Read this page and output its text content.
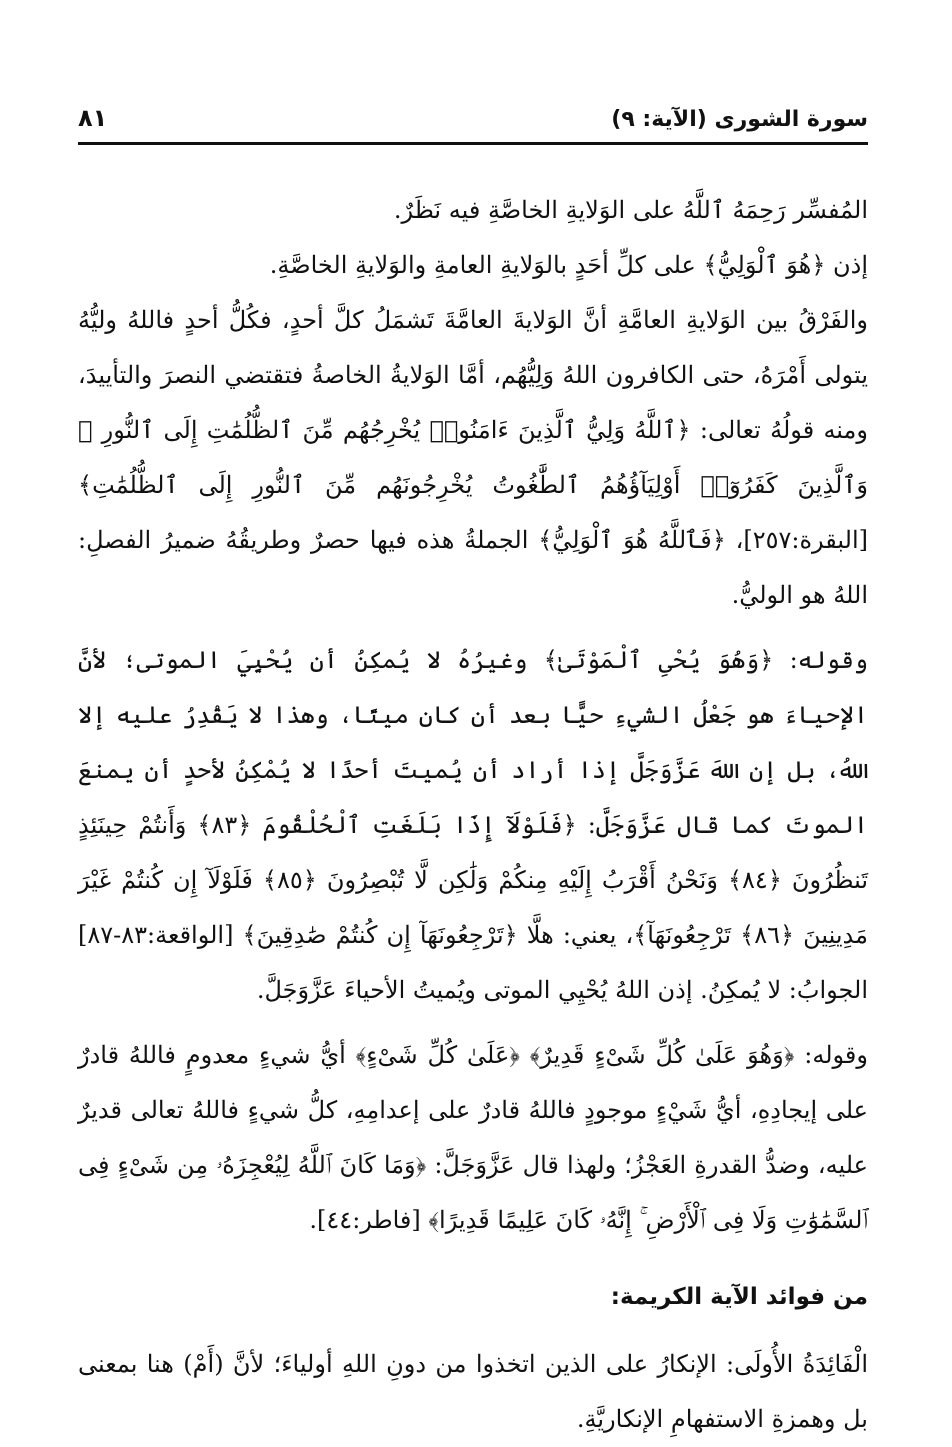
سورة الشورى (الآية: ٩)
٨١

المُفسِّر رَحِمَهُ ٱللَّهُ على الوَلايةِ الخاصَّةِ فيه نَظَرٌ.

إذن ﴿هُوَ ٱلْوَلِيُّ﴾ على كلِّ أحَدٍ بالوَلايةِ العامةِ والوَلايةِ الخاصَّةِ.

والفَرْقُ بين الوَلايةِ العامَّةِ أنَّ الوَلايةَ العامَّةَ تَشمَلُ كلَّ أحدٍ، فكُلُّ أحدٍ فاللهُ وليُّهُ يتولى أَمْرَهُ، حتى الكافرون اللهُ وَلِيُّهُم، أمَّا الوَلايةُ الخاصةُ فتقتضي النصرَ والتأييدَ، ومنه قولُهُ تعالى: ﴿ٱللَّهُ وَلِيُّ ٱلَّذِينَ ءَامَنُوا۟ يُخْرِجُهُم مِّنَ ٱلظُّلُمَٰتِ إِلَى ٱلنُّورِ ۖ وَٱلَّذِينَ كَفَرُوٓا۟ أَوْلِيَآؤُهُمُ ٱلطَّٰغُوتُ يُخْرِجُونَهُم مِّنَ ٱلنُّورِ إِلَى ٱلظُّلُمَٰتِ﴾ [البقرة:٢٥٧]، ﴿فَٱللَّهُ هُوَ ٱلْوَلِيُّ﴾ الجملةُ هذه فيها حصرٌ وطريقُهُ ضميرُ الفصلِ: اللهُ هو الوليُّ.

وقوله: ﴿وَهُوَ يُحْىِ ٱلْمَوْتَىٰ﴾ وغيرُهُ لا يُمكِنُ أن يُحْيِيَ الموتى؛ لأنَّ الإحياءَ هو جَعْلُ الشيءِ حيًّا بعد أن كان ميتًا، وهذا لا يَقْدِرُ عليه إلا اللهُ، بل إن اللهَ عَزَّوَجَلَّ إذا أراد أن يُميتَ أحدًا لا يُمْكِنُ لأحدٍ أن يمنعَ الموتَ كما قال عَزَّوَجَلَّ: ﴿فَلَوْلَآ إِذَا بَلَغَتِ ٱلْحُلْقُومَ ﴿٨٣﴾ وَأَنتُمْ حِينَئِذٍ تَنظُرُونَ ﴿٨٤﴾ وَنَحْنُ أَقْرَبُ إِلَيْهِ مِنكُمْ وَلَٰكِن لَّا تُبْصِرُونَ ﴿٨٥﴾ فَلَوْلَآ إِن كُنتُمْ غَيْرَ مَدِينِينَ ﴿٨٦﴾ تَرْجِعُونَهَآ﴾، يعني: هلَّا ﴿تَرْجِعُونَهَآ إِن كُنتُمْ صَٰدِقِينَ﴾ [الواقعة:٨٣-٨٧] الجوابُ: لا يُمكِنُ. إذن اللهُ يُحْيِي الموتى ويُميتُ الأحياءَ عَزَّوَجَلَّ.

وقوله: ﴿وَهُوَ عَلَىٰ كُلِّ شَىْءٍ قَدِيرٌ﴾ ﴿عَلَىٰ كُلِّ شَىْءٍ﴾ أيُّ شيءٍ معدومٍ فاللهُ قادرٌ على إيجادِهِ، أيُّ شَيْءٍ موجودٍ فاللهُ قادرٌ على إعدامِهِ، كلُّ شيءٍ فاللهُ تعالى قديرٌ عليه، وضدُّ القدرةِ العَجْزُ؛ ولهذا قال عَزَّوَجَلَّ: ﴿وَمَا كَانَ ٱللَّهُ لِيُعْجِزَهُۥ مِن شَىْءٍ فِى ٱلسَّمَٰوَٰتِ وَلَا فِى ٱلْأَرْضِ ۚ إِنَّهُۥ كَانَ عَلِيمًا قَدِيرًا﴾ [فاطر:٤٤].

من فوائد الآية الكريمة:

الْفَائِدَةُ الأُولَى: الإنكارُ على الذين اتخذوا من دونِ اللهِ أولياءَ؛ لأنَّ (أَمْ) هنا بمعنى بل وهمزةِ الاستفهامِ الإنكاريَّةِ.
